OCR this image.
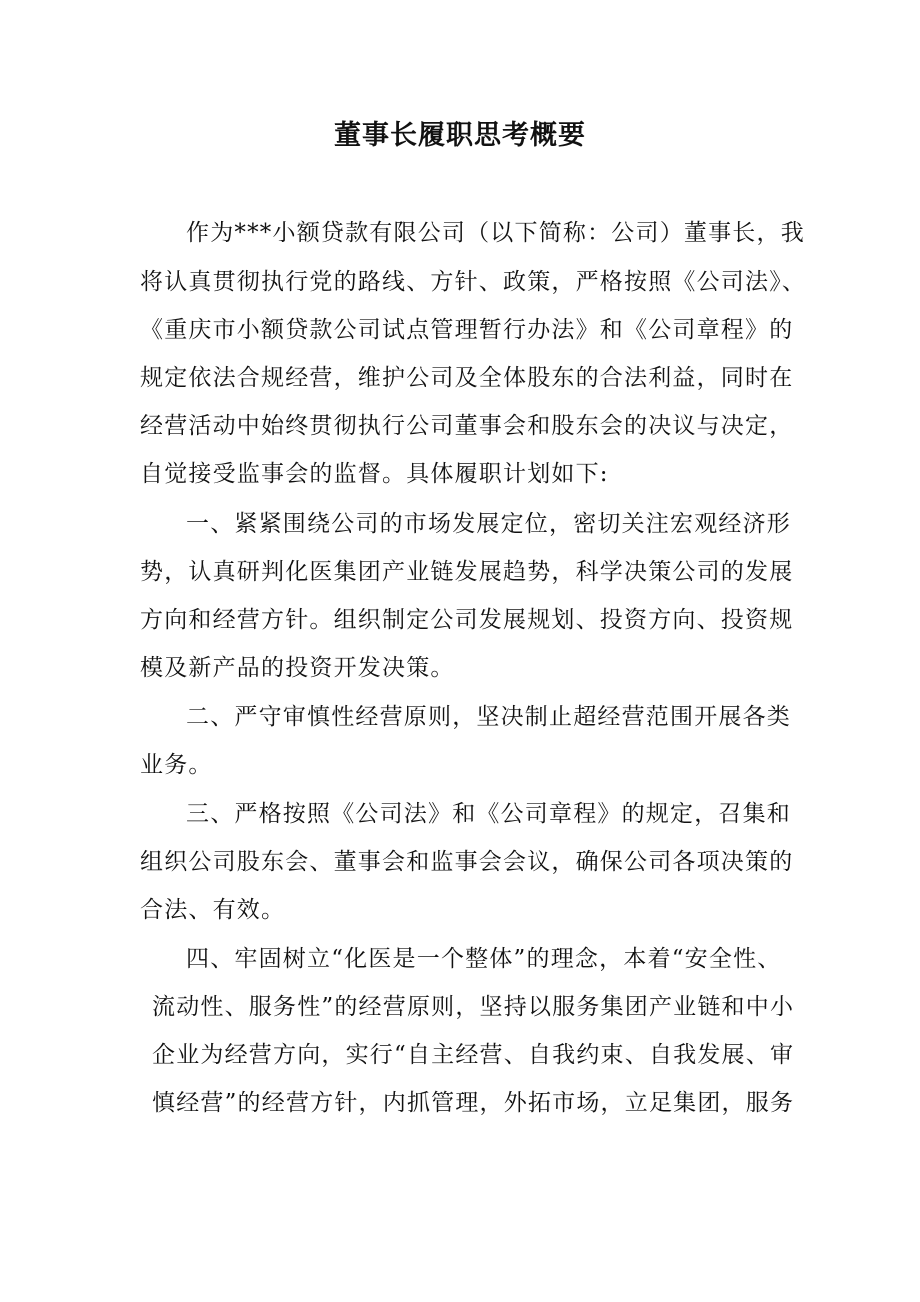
董事长履职思考概要
作为***小额贷款有限公司（以下简称：公司）董事长，我
将认真贯彻执行党的路线、方针、政策，严格按照《公司法》、
《重庆市小额贷款公司试点管理暂行办法》和《公司章程》的
规定依法合规经营，维护公司及全体股东的合法利益，同时在
经营活动中始终贯彻执行公司董事会和股东会的决议与决定，
自觉接受监事会的监督。具体履职计划如下:
一、紧紧围绕公司的市场发展定位，密切关注宏观经济形
势，认真研判化医集团产业链发展趋势，科学决策公司的发展
方向和经营方针。组织制定公司发展规划、投资方向、投资规
模及新产品的投资开发决策。
二、严守审慎性经营原则，坚决制止超经营范围开展各类
业务。
三、严格按照《公司法》和《公司章程》的规定，召集和
组织公司股东会、董事会和监事会会议，确保公司各项决策的
合法、有效。
四、牢固树立“化医是一个整体”的理念，本着“安全性、
流动性、服务性”的经营原则，坚持以服务集团产业链和中小
企业为经营方向，实行“自主经营、自我约束、自我发展、审
慎经营”的经营方针，内抓管理，外拓市场，立足集团，服务
